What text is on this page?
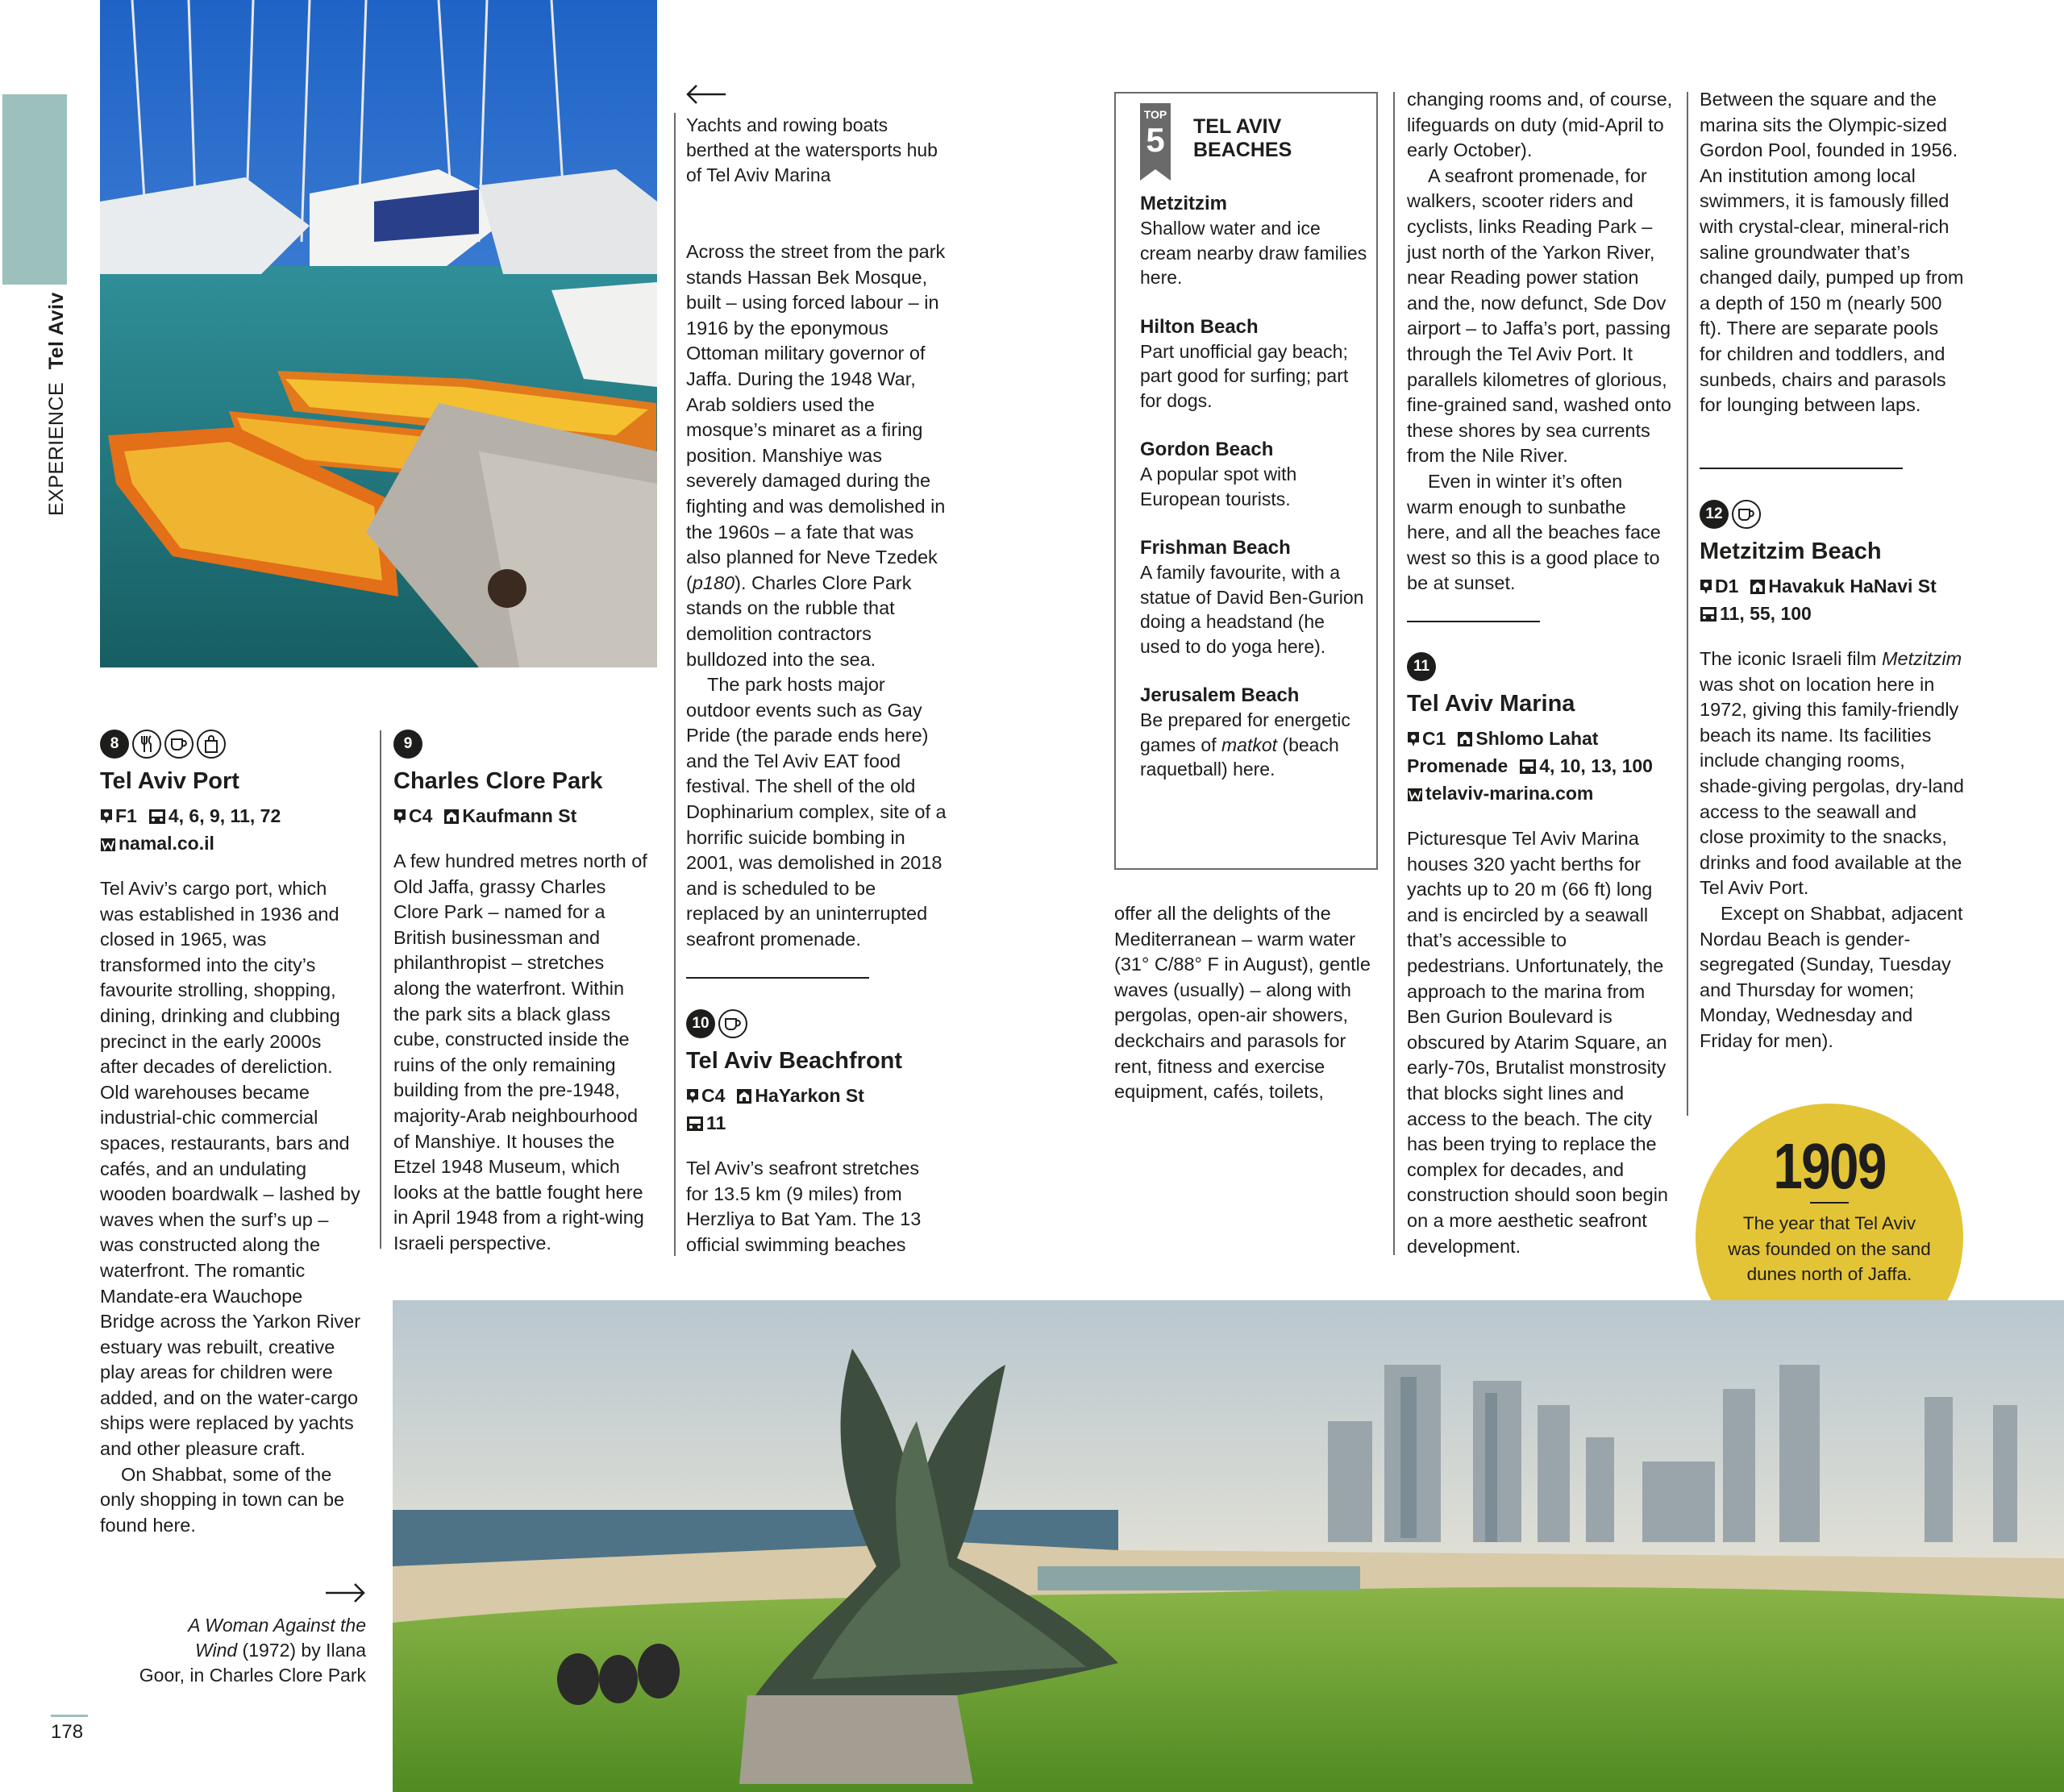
EXPERIENCE Tel Aviv
Yachts and rowing boats berthed at the watersports hub of Tel Aviv Marina

Across the street from the park stands Hassan Bek Mosque, built – using forced labour – in 1916 by the eponymous Ottoman military governor of Jaffa. During the 1948 War, Arab soldiers used the mosque’s minaret as a firing position. Manshiye was severely damaged during the fighting and was demolished in the 1960s – a fate that was also planned for Neve Tzedek (p180). Charles Clore Park stands on the rubble that demolition contractors bulldozed into the sea.

The park hosts major outdoor events such as Gay Pride (the parade ends here) and the Tel Aviv EAT food festival. The shell of the old Dophinarium complex, site of a horrific suicide bombing in 2001, was demolished in 2018 and is scheduled to be replaced by an uninterrupted seafront promenade.

10
Tel Aviv Beachfront
C4 HaYarkon St
11
Tel Aviv’s seafront stretches for 13.5 km (9 miles) from Herzliya to Bat Yam. The 13 official swimming beaches
8
Tel Aviv Port
F1 4, 6, 9, 11, 72
namal.co.il

Tel Aviv’s cargo port, which was established in 1936 and closed in 1965, was transformed into the city’s favourite strolling, shopping, dining, drinking and clubbing precinct in the early 2000s after decades of dereliction. Old warehouses became industrial-chic commercial spaces, restaurants, bars and cafés, and an undulating wooden boardwalk – lashed by waves when the surf’s up – was constructed along the waterfront. The romantic Mandate-era Wauchope Bridge across the Yarkon River estuary was rebuilt, creative play areas for children were added, and on the water-cargo ships were replaced by yachts and other pleasure craft.

On Shabbat, some of the only shopping in town can be found here.

9
Charles Clore Park
C4 Kaufmann St
A few hundred metres north of Old Jaffa, grassy Charles Clore Park – named for a British businessman and philanthropist – stretches along the waterfront. Within the park sits a black glass cube, constructed inside the ruins of the only remaining building from the pre-1948, majority-Arab neighbourhood of Manshiye. It houses the Etzel 1948 Museum, which looks at the battle fought here in April 1948 from a right-wing Israeli perspective.
TOP
5 TEL AVIV
BEACHES
Metzitzim
Shallow water and ice cream nearby draw families here.
Hilton Beach
Part unofficial gay beach; part good for surfing; part for dogs.
Gordon Beach
A popular spot with European tourists.
Frishman Beach
A family favourite, with a statue of David Ben-Gurion doing a headstand (he used to do yoga here).
Jerusalem Beach
Be prepared for energetic games of matkot (beach raquetball) here.
offer all the delights of the Mediterranean – warm water (31° C/88° F in August), gentle waves (usually) – along with pergolas, open-air showers, deckchairs and parasols for rent, fitness and exercise equipment, cafés, toilets,

changing rooms and, of course, lifeguards on duty (mid-April to early October).

A seafront promenade, for walkers, scooter riders and cyclists, links Reading Park – just north of the Yarkon River, near Reading power station and the, now defunct, Sde Dov airport – to Jaffa’s port, passing through the Tel Aviv Port. It parallels kilometres of glorious, fine-grained sand, washed onto these shores by sea currents from the Nile River.

Even in winter it’s often warm enough to sunbathe here, and all the beaches face west so this is a good place to be at sunset.

11
Tel Aviv Marina
C1 Shlomo Lahat Promenade 4, 10, 13, 100telaviv-marina.com
Picturesque Tel Aviv Marina houses 320 yacht berths for yachts up to 20 m (66 ft) long and is encircled by a seawall that’s accessible to pedestrians. Unfortunately, the approach to the marina from Ben Gurion Boulevard is obscured by Atarim Square, an early-70s, Brutalist monstrosity that blocks sight lines and access to the beach. The city has been trying to replace the complex for decades, and construction should soon begin on a more aesthetic seafront development.
Between the square and the marina sits the Olympic-sized Gordon Pool, founded in 1956. An institution among local swimmers, it is famously filled with crystal-clear, mineral-rich saline groundwater that’s changed daily, pumped up from a depth of 150 m (nearly 500 ft). There are separate pools for children and toddlers, and sunbeds, chairs and parasols for lounging between laps.
12
Metzitzim Beach
D1 Havakuk HaNavi St
11, 55, 100

The iconic Israeli film Metzitzim was shot on location here in 1972, giving this family-friendly beach its name. Its facilities include changing rooms, shade-giving pergolas, dry-land access to the seawall and close proximity to the snacks, drinks and food available at the Tel Aviv Port.

Except on Shabbat, adjacent Nordau Beach is gender-segregated (Sunday, Tuesday and Thursday for women; Monday, Wednesday and Friday for men).

1909
The year that Tel Aviv was founded on the sand dunes north of Jaffa.
A Woman Against the
Wind (1972) by Ilana
Goor, in Charles Clore Park
178
